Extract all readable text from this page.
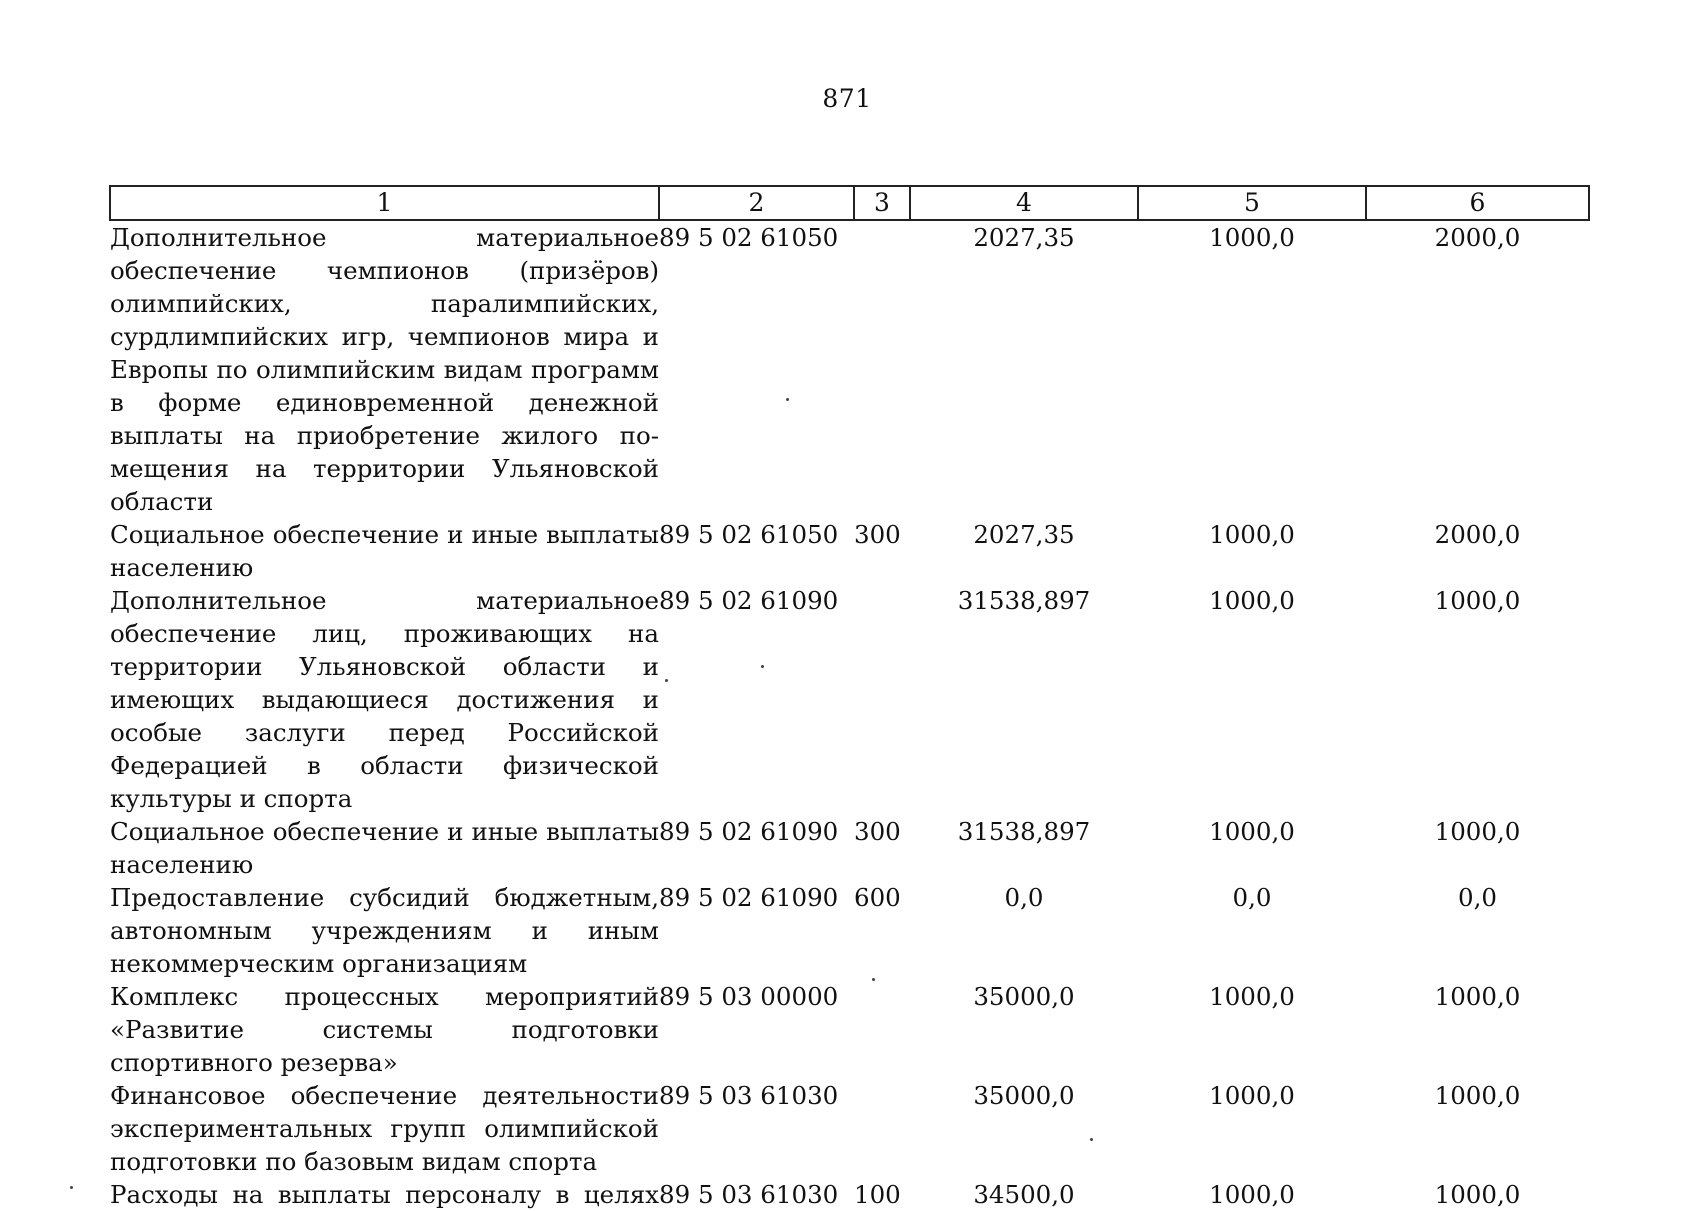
871
1	2	3	4	5	6
Дополнительное материальное обеспечение чемпионов (призёров) олимпийских, паралимпийских, сурдлимпийских игр, чемпионов мира и Европы по олимпийским видам программ в форме единовременной денежной выплаты на приобретение жилого помещения на территории Ульяновской области	89 5 02 61050		2027,35	1000,0	2000,0
Социальное обеспечение и иные выплаты населению	89 5 02 61050	300	2027,35	1000,0	2000,0
Дополнительное материальное обеспечение лиц, проживающих на территории Ульяновской области и имеющих выдающиеся достижения и особые заслуги перед Российской Федерацией в области физической культуры и спорта	89 5 02 61090		31538,897	1000,0	1000,0
Социальное обеспечение и иные выплаты населению	89 5 02 61090	300	31538,897	1000,0	1000,0
Предоставление субсидий бюджетным, автономным учреждениям и иным некоммерческим организациям	89 5 02 61090	600	0,0	0,0	0,0
Комплекс процессных мероприятий «Развитие системы подготовки спортивного резерва»	89 5 03 00000		35000,0	1000,0	1000,0
Финансовое обеспечение деятельности экспериментальных групп олимпийской подготовки по базовым видам спорта	89 5 03 61030		35000,0	1000,0	1000,0
Расходы на выплаты персоналу в целях	89 5 03 61030	100	34500,0	1000,0	1000,0
